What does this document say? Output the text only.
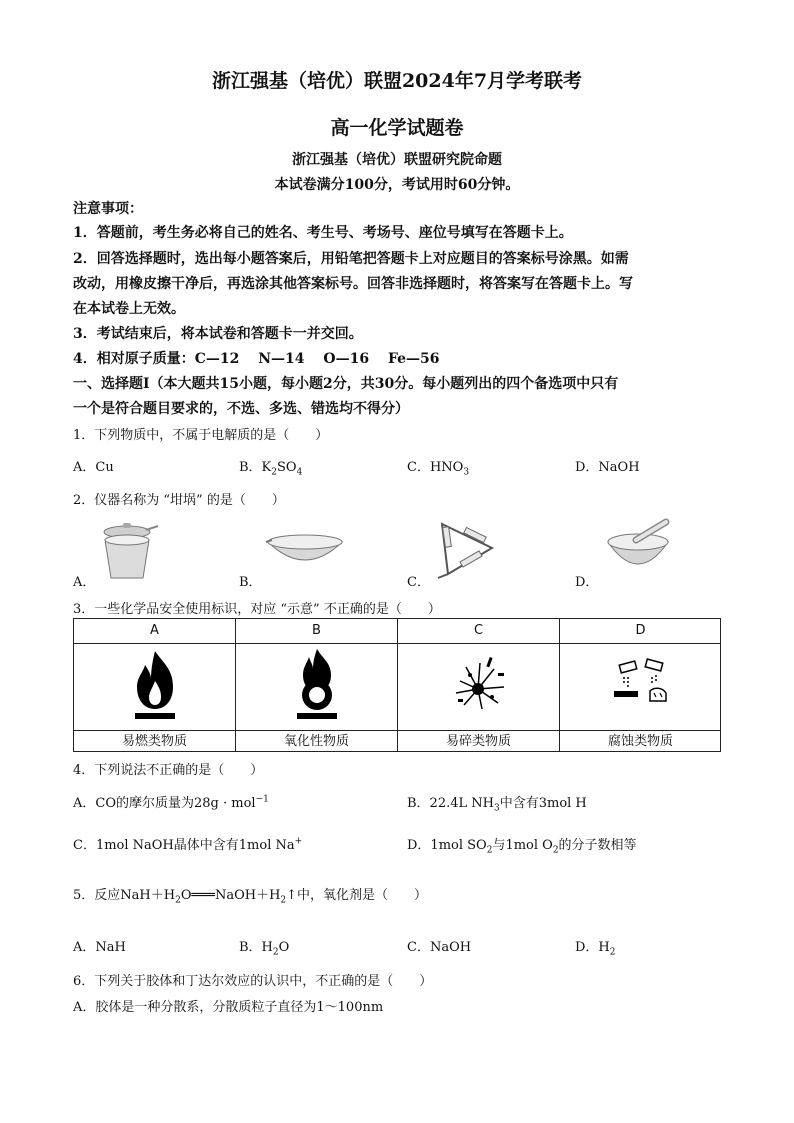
浙江强基（培优）联盟2024年7月学考联考
高一化学试题卷
浙江强基（培优）联盟研究院命题
本试卷满分100分，考试用时60分钟。
注意事项：
1．答题前，考生务必将自己的姓名、考生号、考场号、座位号填写在答题卡上。
2．回答选择题时，选出每小题答案后，用铅笔把答题卡上对应题目的答案标号涂黑。如需
改动，用橡皮擦干净后，再选涂其他答案标号。回答非选择题时，将答案写在答题卡上。写
在本试卷上无效。
3．考试结束后，将本试卷和答题卡一并交回。
4．相对原子质量：C—12　 N—14　 O—16　 Fe—56
一、选择题Ⅰ（本大题共15小题，每小题2分，共30分。每小题列出的四个备选项中只有
一个是符合题目要求的，不选、多选、错选均不得分）
1．下列物质中，不属于电解质的是（　　）
A．Cu	B．$K_2SO_4$	C．$HNO_3$	D．NaOH
2．仪器名称为 “坩埚” 的是（　　）
A．	B．	C．	D．
3．一些化学品安全使用标识，对应 “示意” 不正确的是（　　）
A	B	C	D
易燃类物质	氧化性物质	易碎类物质	腐蚀类物质
4．下列说法不正确的是（　　）
A．CO的摩尔质量为28g · mol$^{-1}$	B．22.4L $NH_3$中含有3mol H
C．1mol NaOH晶体中含有1mol Na+	D．1mol $SO_2$与1mol $O_2$的分子数相等
5．反应$NaH+H_2O═══NaOH+H_2↑$中，氧化剂是（　　）
A．NaH	B．$H_2O$	C．NaOH	D．$H_2$
6．下列关于胶体和丁达尔效应的认识中，不正确的是（　　）
A．胶体是一种分散系，分散质粒子直径为1～100nm
